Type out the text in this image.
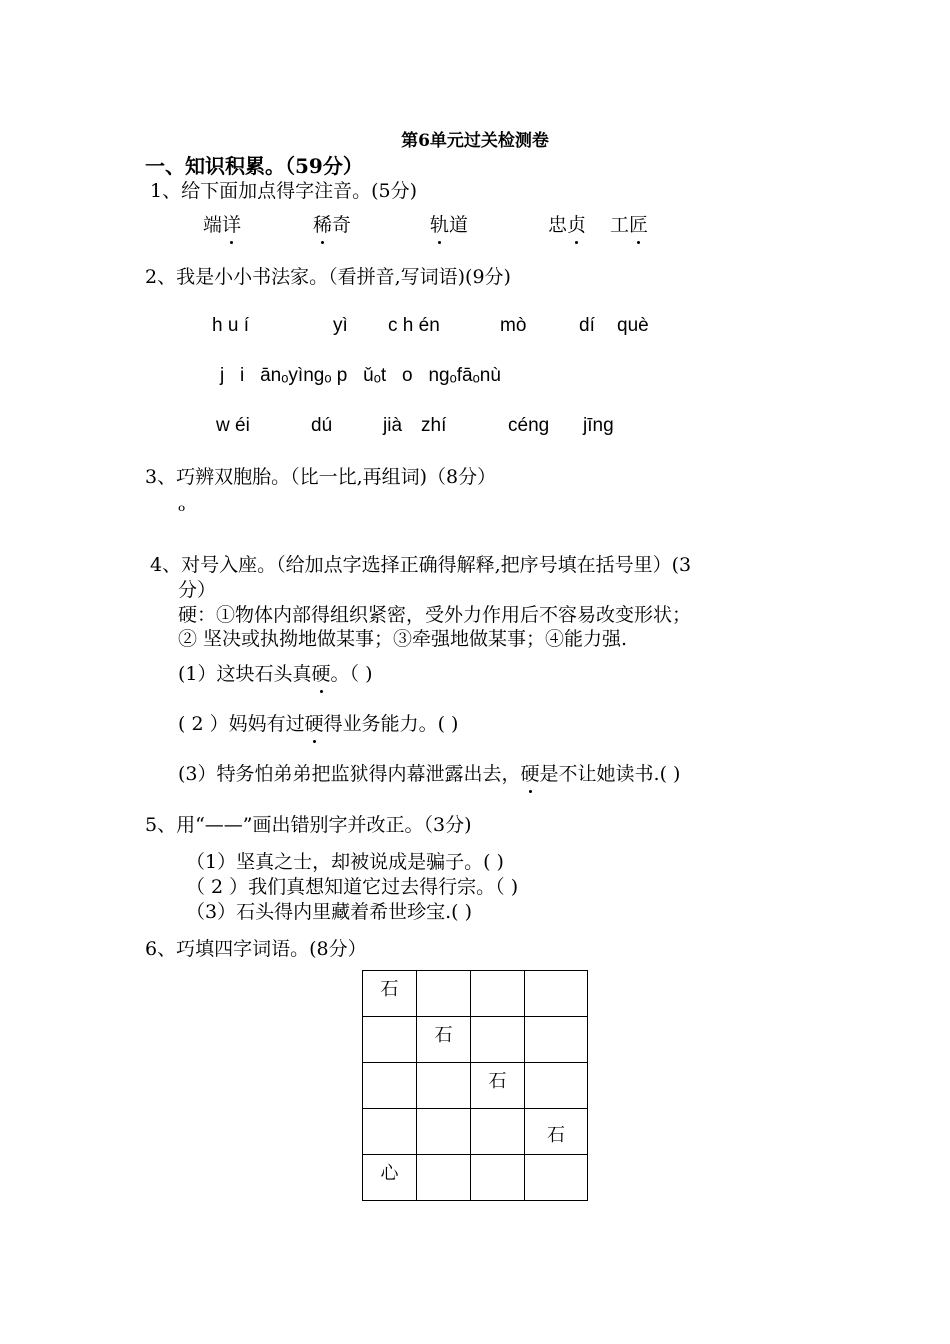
第6单元过关检测卷
一、知识积累。（59分）
1、给下面加点得字注音。(5分)
端详	稀奇	轨道	忠贞 工匠
2、我是小小书法家。（看拼音,写词语)(9分)
h u í	yì c h én	mò	dí què
j   i   ānₒyìngₒ p   ǔₒt   o   ngₒfāₒnù
w éi	dú	jià zhí	céng jīng
3、巧辨双胞胎。（比一比,再组词)（8分）
ₒ
4、对号入座。（给加点字选择正确得解释,把序号填在括号里）(3
分）
硬：①物体内部得组织紧密，受外力作用后不容易改变形状；
② 坚决或执拗地做某事；③牵强地做某事；④能力强.
(1）这块石头真硬。（ )
( 2 ）妈妈有过硬得业务能力。( )
(3）特务怕弟弟把监狱得内幕泄露出去，硬是不让她读书.( )
5、用“——”画出错别字并改正。（3分)
（1）坚真之士，却被说成是骗子。( )
（ 2 ）我们真想知道它过去得行宗。（ )
（3）石头得内里藏着希世珍宝.( )
6、巧填四字词语。(8分）
石			

	石		

		石	

			石

心			
